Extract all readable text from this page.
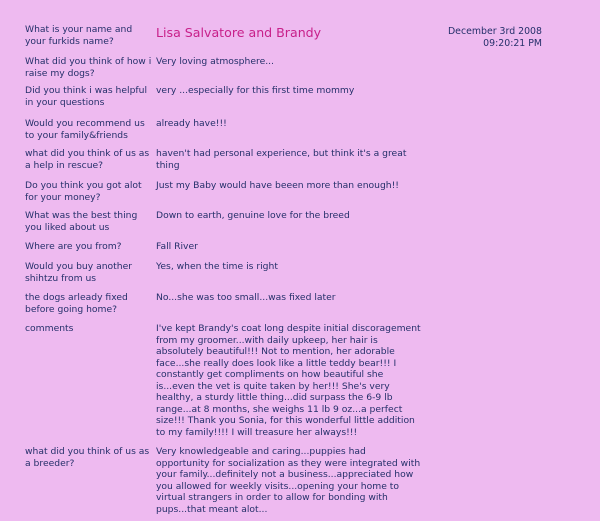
December 3rd 2008
09:20:21 PM
What is your name and your furkids name?
Lisa Salvatore and Brandy
What did you think of how i raise my dogs?
Very loving atmosphere...
Did you think i was helpful in your questions
very ...especially for this first time mommy
Would you recommend us to your family&friends
already have!!!
what did you think of us as a help in rescue?
haven't had personal experience, but think it's a great thing
Do you think you got alot for your money?
Just my Baby would have beeen more than enough!!
What was the best thing you liked about us
Down to earth, genuine love for the breed
Where are you from?	Fall River
Would you buy another shihtzu from us
Yes, when the time is right
the dogs arleady fixed before going home?
No...she was too small...was fixed later
comments	I've kept Brandy's coat long despite initial discoragement from my groomer...with daily upkeep, her hair is absolutely beautiful!!! Not to mention, her adorable face...she really does look like a little teddy bear!!! I constantly get compliments on how beautiful she is...even the vet is quite taken by her!!! She's very healthy, a sturdy little thing...did surpass the 6-9 lb range...at 8 months, she weighs 11 lb 9 oz...a perfect size!!! Thank you Sonia, for this wonderful little addition to my family!!!! I will treasure her always!!!
what did you think of us as a breeder?
Very knowledgeable and caring...puppies had opportunity for socialization as they were integrated with your family...definitely not a business...appreciated how you allowed for weekly visits...opening your home to virtual strangers in order to allow for bonding with pups...that meant alot...
